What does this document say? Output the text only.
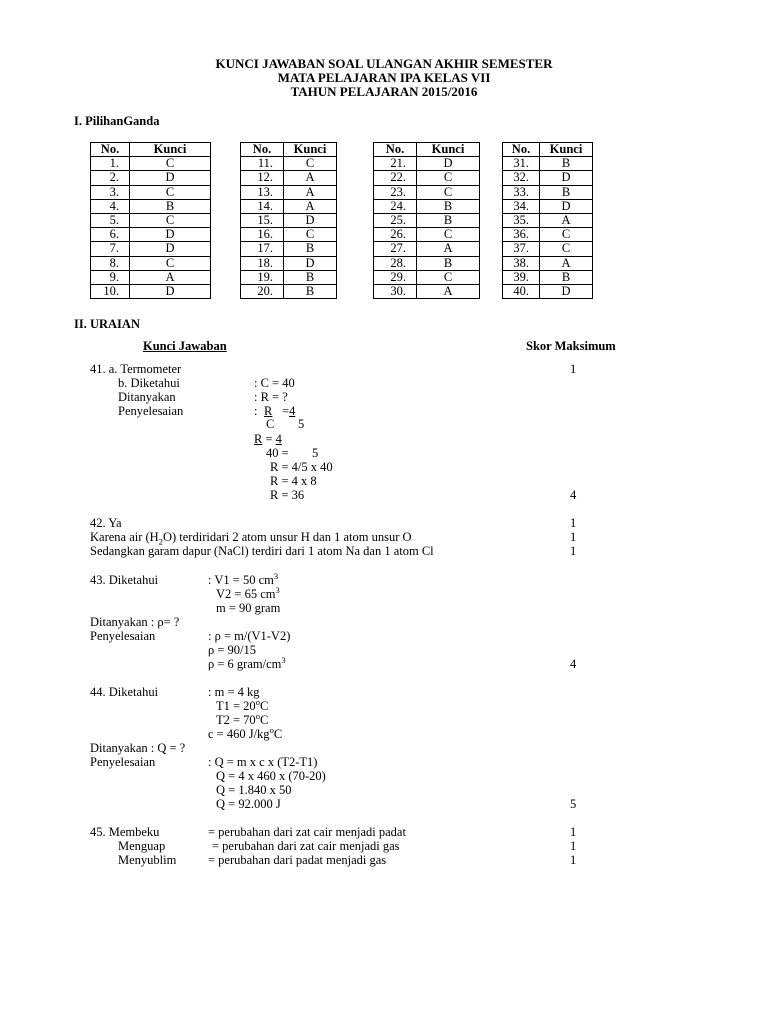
KUNCI JAWABAN SOAL ULANGAN AKHIR SEMESTER
MATA PELAJARAN IPA KELAS VII
TAHUN PELAJARAN 2015/2016
I. PilihanGanda
No.	Kunci
1.	C
2.	D
3.	C
4.	B
5.	C
6.	D
7.	D
8.	C
9.	A
10.	D
No.	Kunci
11.	C
12.	A
13.	A
14.	A
15.	D
16.	C
17.	B
18.	D
19.	B
20.	B
No.	Kunci
21.	D
22.	C
23.	C
24.	B
25.	B
26.	C
27.	A
28.	B
29.	C
30.	A
No.	Kunci
31.	B
32.	D
33.	B
34.	D
35.	A
36.	C
37.	C
38.	A
39.	B
40.	D
II. URAIAN
Kunci Jawaban	Skor Maksimum
41. a. Termometer	1
b. Diketahui	: C = 40
Ditanyakan	: R = ?
Penyelesaian	: R =4
C 5
R = 4
40 = 5
R = 4/5 x 40
R = 4 x 8
R = 36	4
42. Ya	1
Karena air $(H_2O)$ terdiridari 2 atom unsur H dan 1 atom unsur O	1
Sedangkan garam dapur (NaCl) terdiri dari 1 atom Na dan 1 atom Cl	1
43. Diketahui	: V1 = 50 $cm^3$
V2 = 65 $cm^3$
m = 90 gram
Ditanyakan : ρ= ?
Penyelesaian	: ρ = m/(V1-V2)
ρ = 90/15
ρ = 6 gram/$cm^3$	4
44. Diketahui	: m = 4 kg
$T1 = 20^oC$
$T2 = 70^oC$
c = 460 $J/kg^oC$
Ditanyakan : Q = ?
Penyelesaian	: Q = m x c x (T2-T1)
Q = 4 x 460 x (70-20)
Q = 1.840 x 50
Q = 92.000 J	5
45. Membeku	= perubahan dari zat cair menjadi padat	1
Menguap	= perubahan dari zat cair menjadi gas	1
Menyublim	= perubahan dari padat menjadi gas	1
